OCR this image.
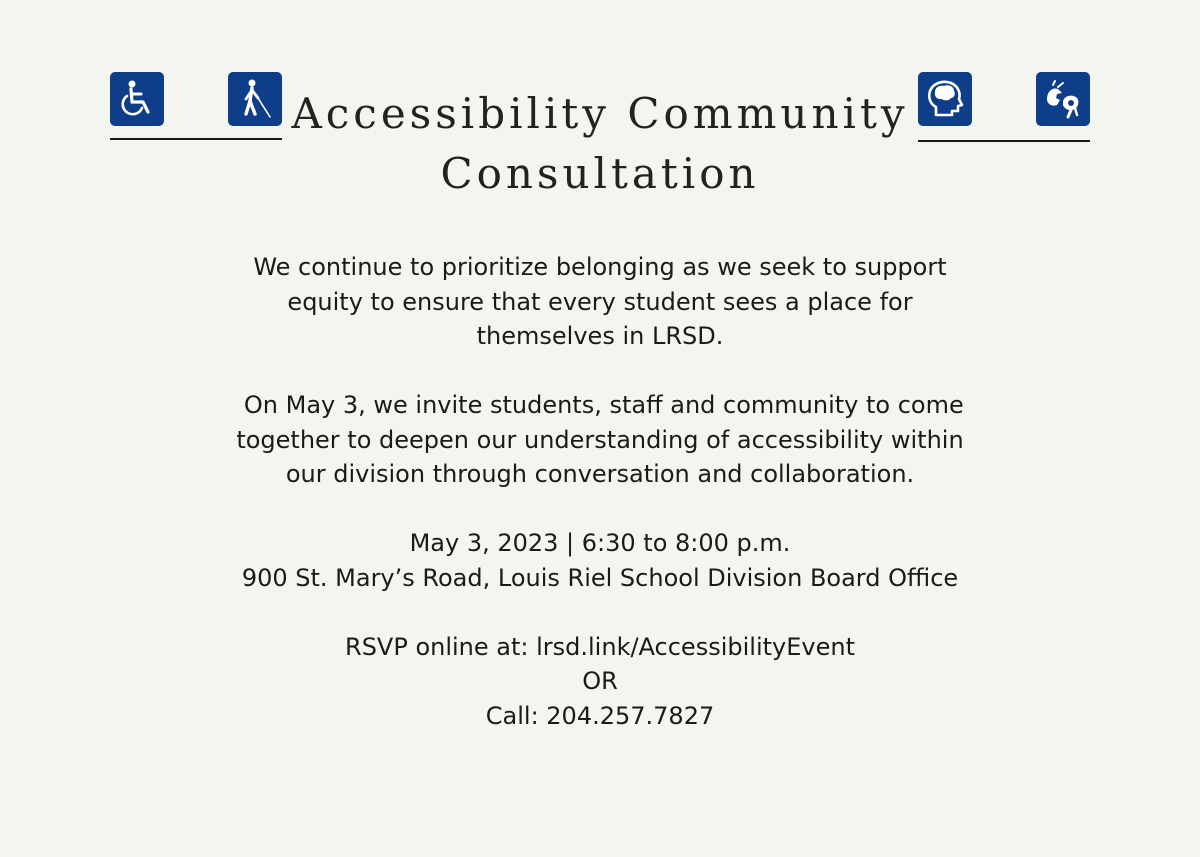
Accessibility Community
Consultation
We continue to prioritize belonging as we seek to support
equity to ensure that every student sees a place for
themselves in LRSD.
On May 3, we invite students, staff and community to come
together to deepen our understanding of accessibility within
our division through conversation and collaboration.
May 3, 2023 | 6:30 to 8:00 p.m.
900 St. Mary’s Road, Louis Riel School Division Board Office
RSVP online at: lrsd.link/AccessibilityEvent
OR
Call: 204.257.7827
